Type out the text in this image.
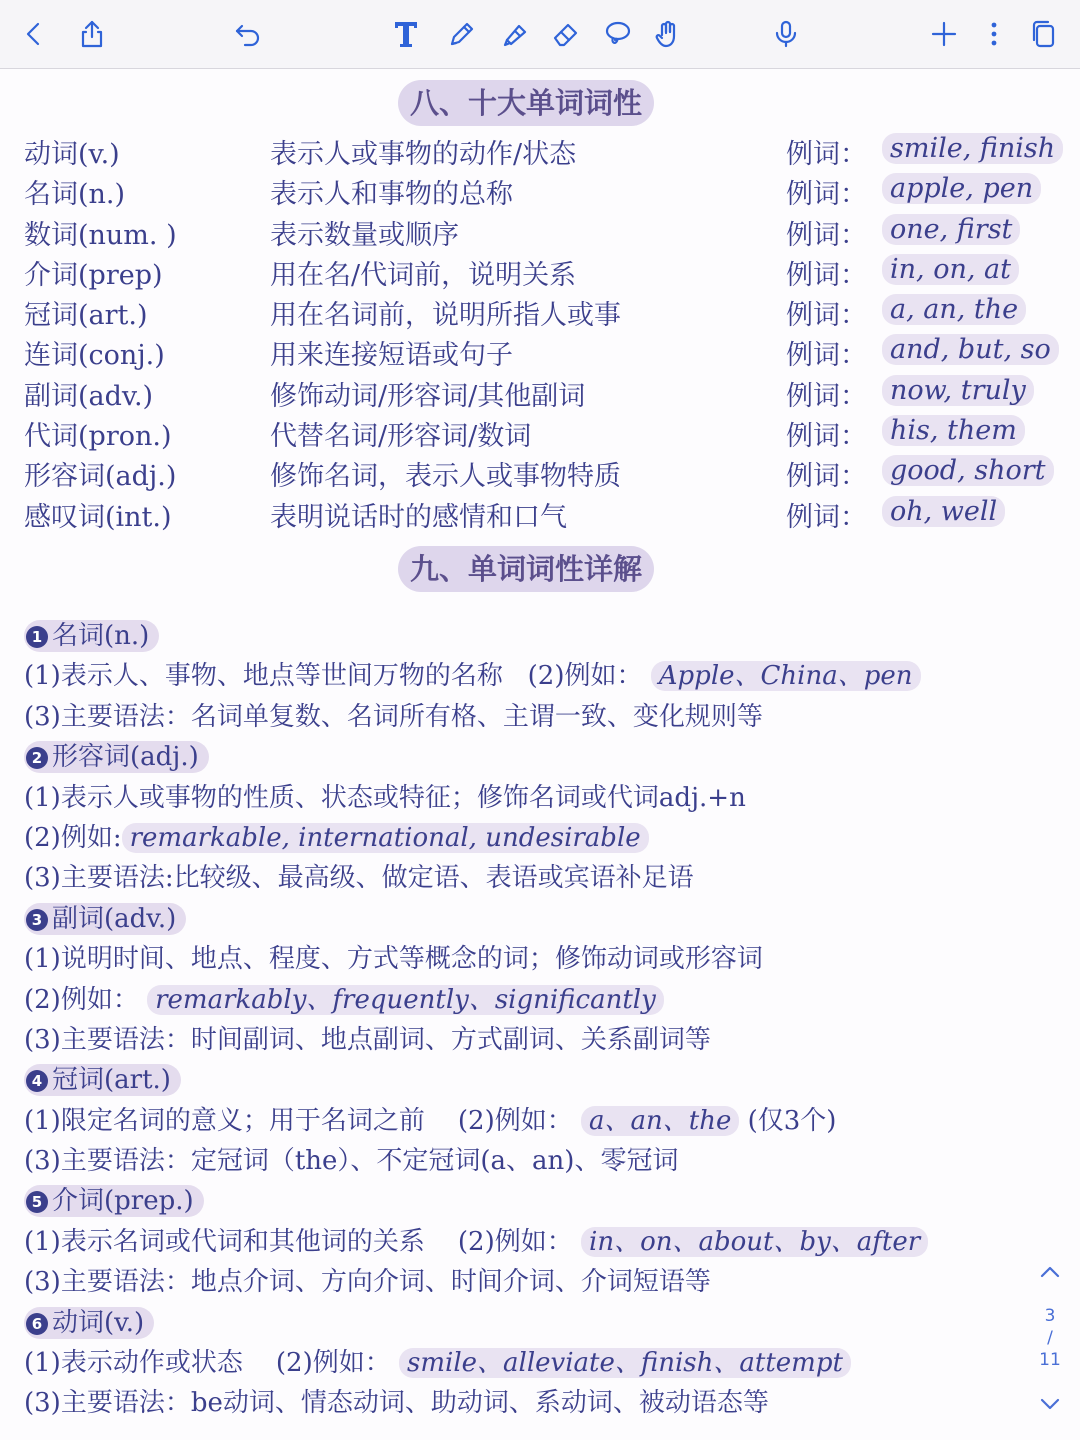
八、十大单词词性
动词(v.)	表示人或事物的动作/状态	例词： smile, finish
名词(n.)	表示人和事物的总称	例词： apple, pen
数词(num. )	表示数量或顺序	例词： one, first
介词(prep)	用在名/代词前，说明关系	例词： in, on, at
冠词(art.)	用在名词前，说明所指人或事	例词： a, an, the
连词(conj.)	用来连接短语或句子	例词： and, but, so
副词(adv.)	修饰动词/形容词/其他副词	例词： now, truly
代词(pron.)	代替名词/形容词/数词	例词： his, them
形容词(adj.)	修饰名词，表示人或事物特质	例词： good, short
感叹词(int.)	表明说话时的感情和口气	例词： oh, well
九、单词词性详解
1 名词(n.)
(1)表示人、事物、地点等世间万物的名称 (2)例如： Apple、China、pen
(3)主要语法：名词单复数、名词所有格、主谓一致、变化规则等
2 形容词(adj.)
(1)表示人或事物的性质、状态或特征；修饰名词或代词adj.+n
(2)例如: remarkable, international, undesirable
(3)主要语法:比较级、最高级、做定语、表语或宾语补足语
3 副词(adv.)
(1)说明时间、地点、程度、方式等概念的词；修饰动词或形容词
(2)例如： remarkably、frequently、significantly
(3)主要语法：时间副词、地点副词、方式副词、关系副词等
4 冠词(art.)
(1)限定名词的意义；用于名词之前 (2)例如： a、an、the (仅3个)
(3)主要语法：定冠词（the）、不定冠词(a、an)、零冠词
5 介词(prep.)
(1)表示名词或代词和其他词的关系 (2)例如： in、on、about、by、after
(3)主要语法：地点介词、方向介词、时间介词、介词短语等
6 动词(v.)
(1)表示动作或状态 (2)例如： smile、alleviate、finish、attempt
(3)主要语法：be动词、情态动词、助动词、系动词、被动语态等
3
/
11
